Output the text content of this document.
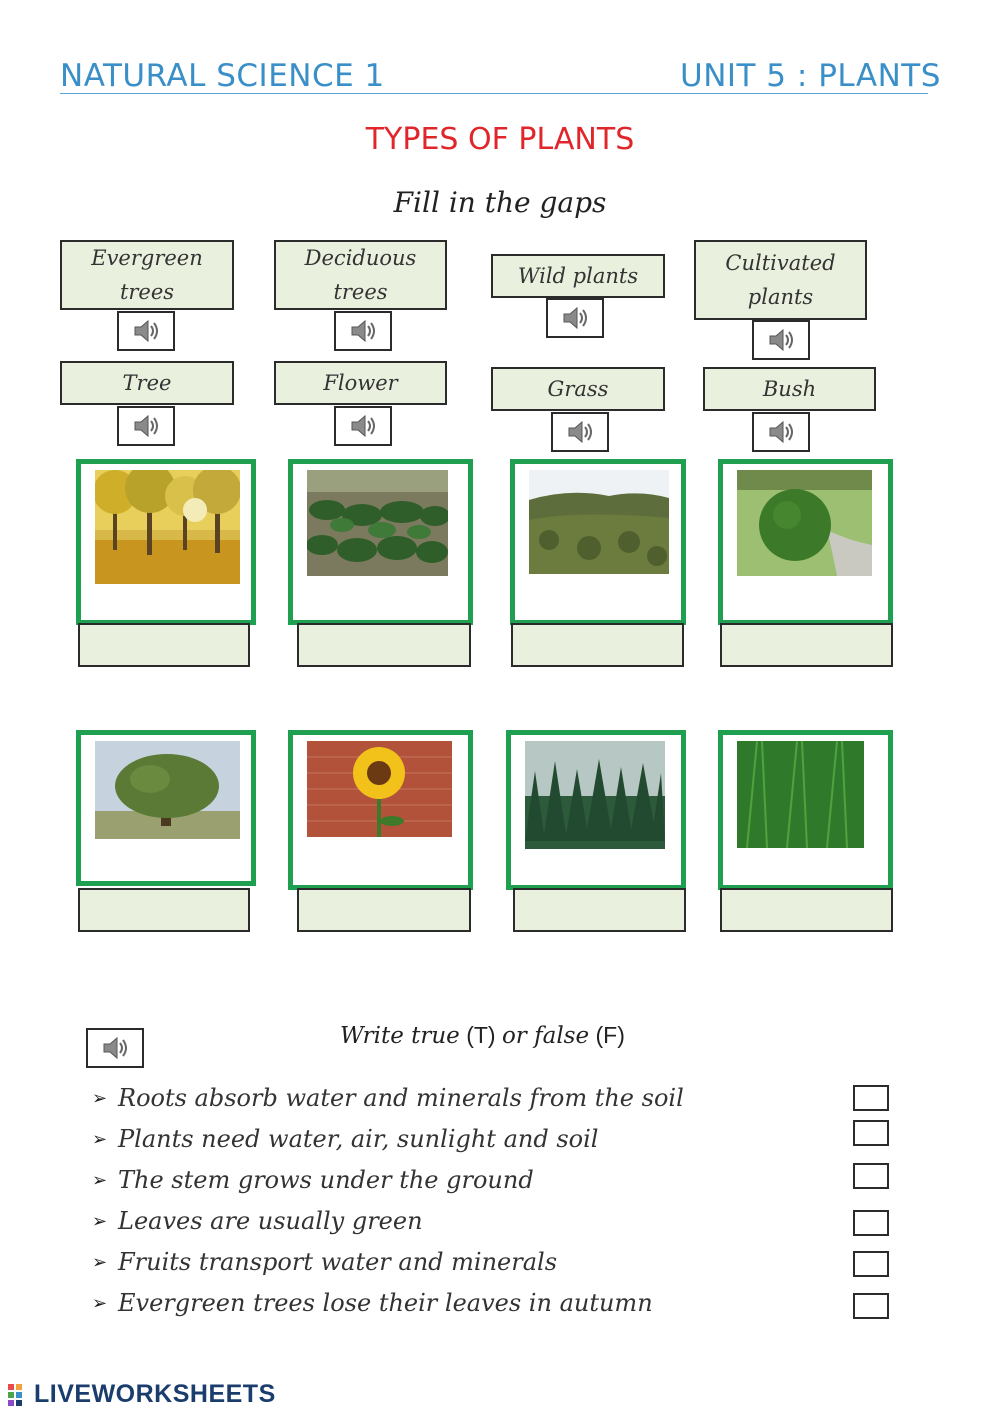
NATURAL SCIENCE 1	UNIT 5 : PLANTS
TYPES OF PLANTS
Fill in the gaps
Evergreen trees
Deciduous trees
Wild plants
Cultivated plants
Tree	Flower	Grass	Bush
Write true (T) or false (F)
➢ Roots absorb water and minerals from the soil
➢ Plants need water, air, sunlight and soil
➢ The stem grows under the ground
➢ Leaves are usually green
➢ Fruits transport water and minerals
➢ Evergreen trees lose their leaves in autumn
LIVEWORKSHEETS
